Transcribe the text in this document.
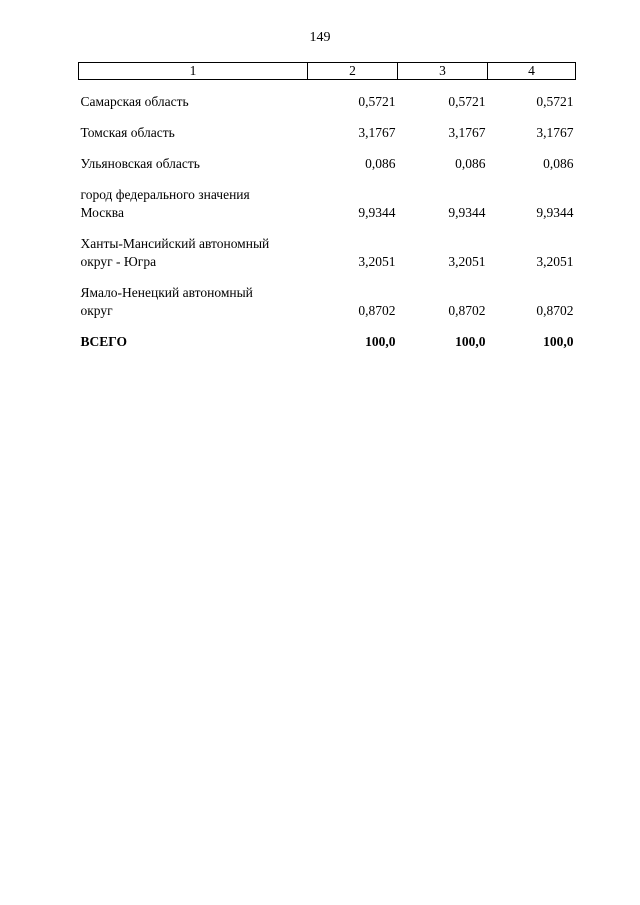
149
1	2	3	4

Самарская область	0,5721	0,5721	0,5721

Томская область	3,1767	3,1767	3,1767

Ульяновская область	0,086	0,086	0,086

город федерального значения
Москва	9,9344	9,9344	9,9344

Ханты-Мансийский автономный
округ - Югра	3,2051	3,2051	3,2051

Ямало-Ненецкий автономный
округ	0,8702	0,8702	0,8702

ВСЕГО	100,0	100,0	100,0
